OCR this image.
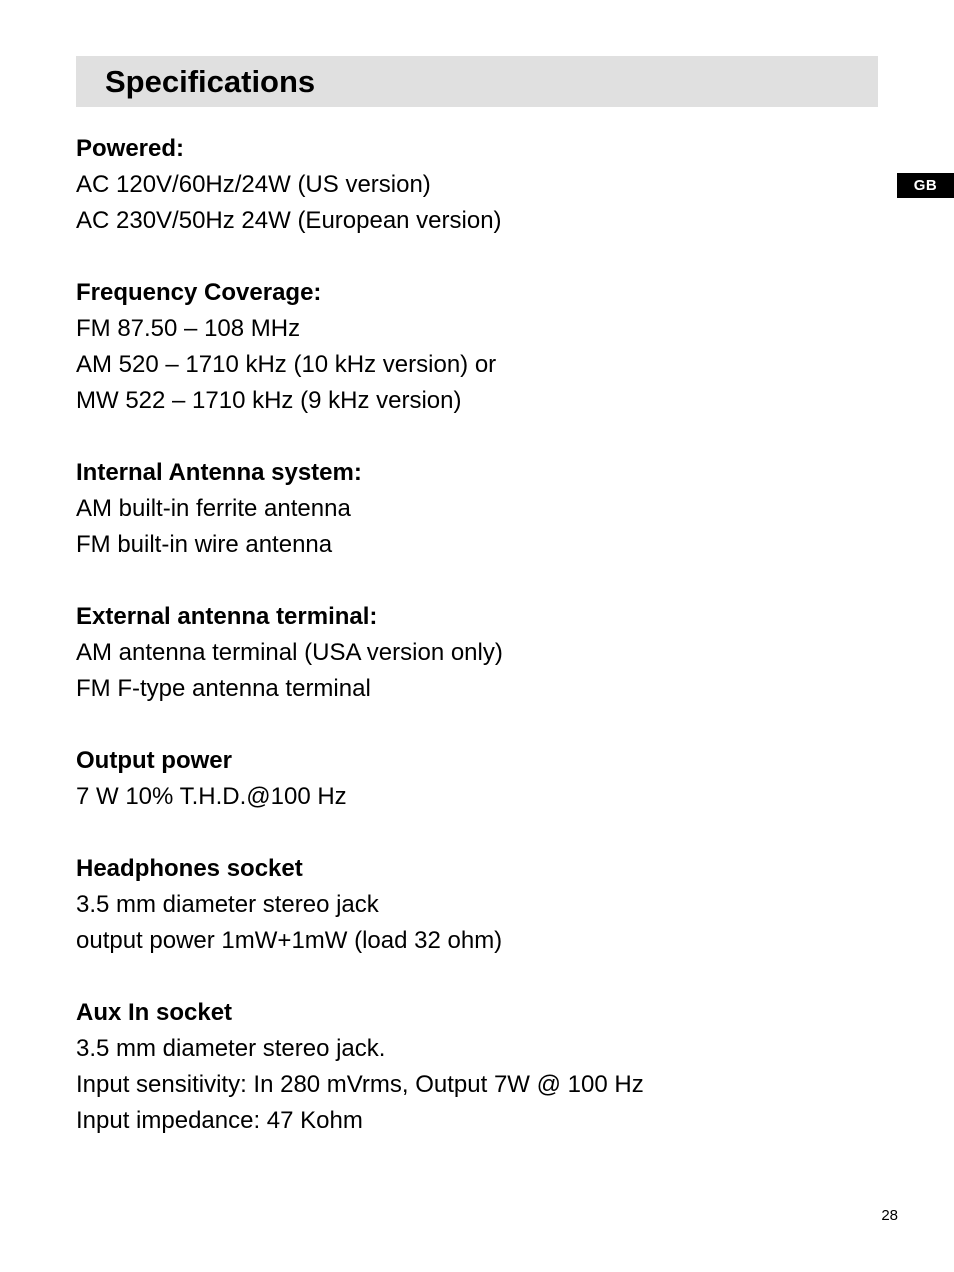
Specifications
GB
Powered:
AC 120V/60Hz/24W (US version)
AC 230V/50Hz 24W (European version)
Frequency Coverage:
FM 87.50 – 108 MHz
AM 520 – 1710 kHz (10 kHz version) or
MW 522 – 1710 kHz (9 kHz version)
Internal Antenna system:
AM built-in ferrite antenna
FM built-in wire antenna
External antenna terminal:
AM antenna terminal (USA version only)
FM F-type antenna terminal
Output power
7 W 10% T.H.D.@100 Hz
Headphones socket
3.5 mm diameter stereo jack
output power 1mW+1mW (load 32 ohm)
Aux In socket
3.5 mm diameter stereo jack.
Input sensitivity: In 280 mVrms, Output 7W @ 100 Hz
Input impedance: 47 Kohm
28
